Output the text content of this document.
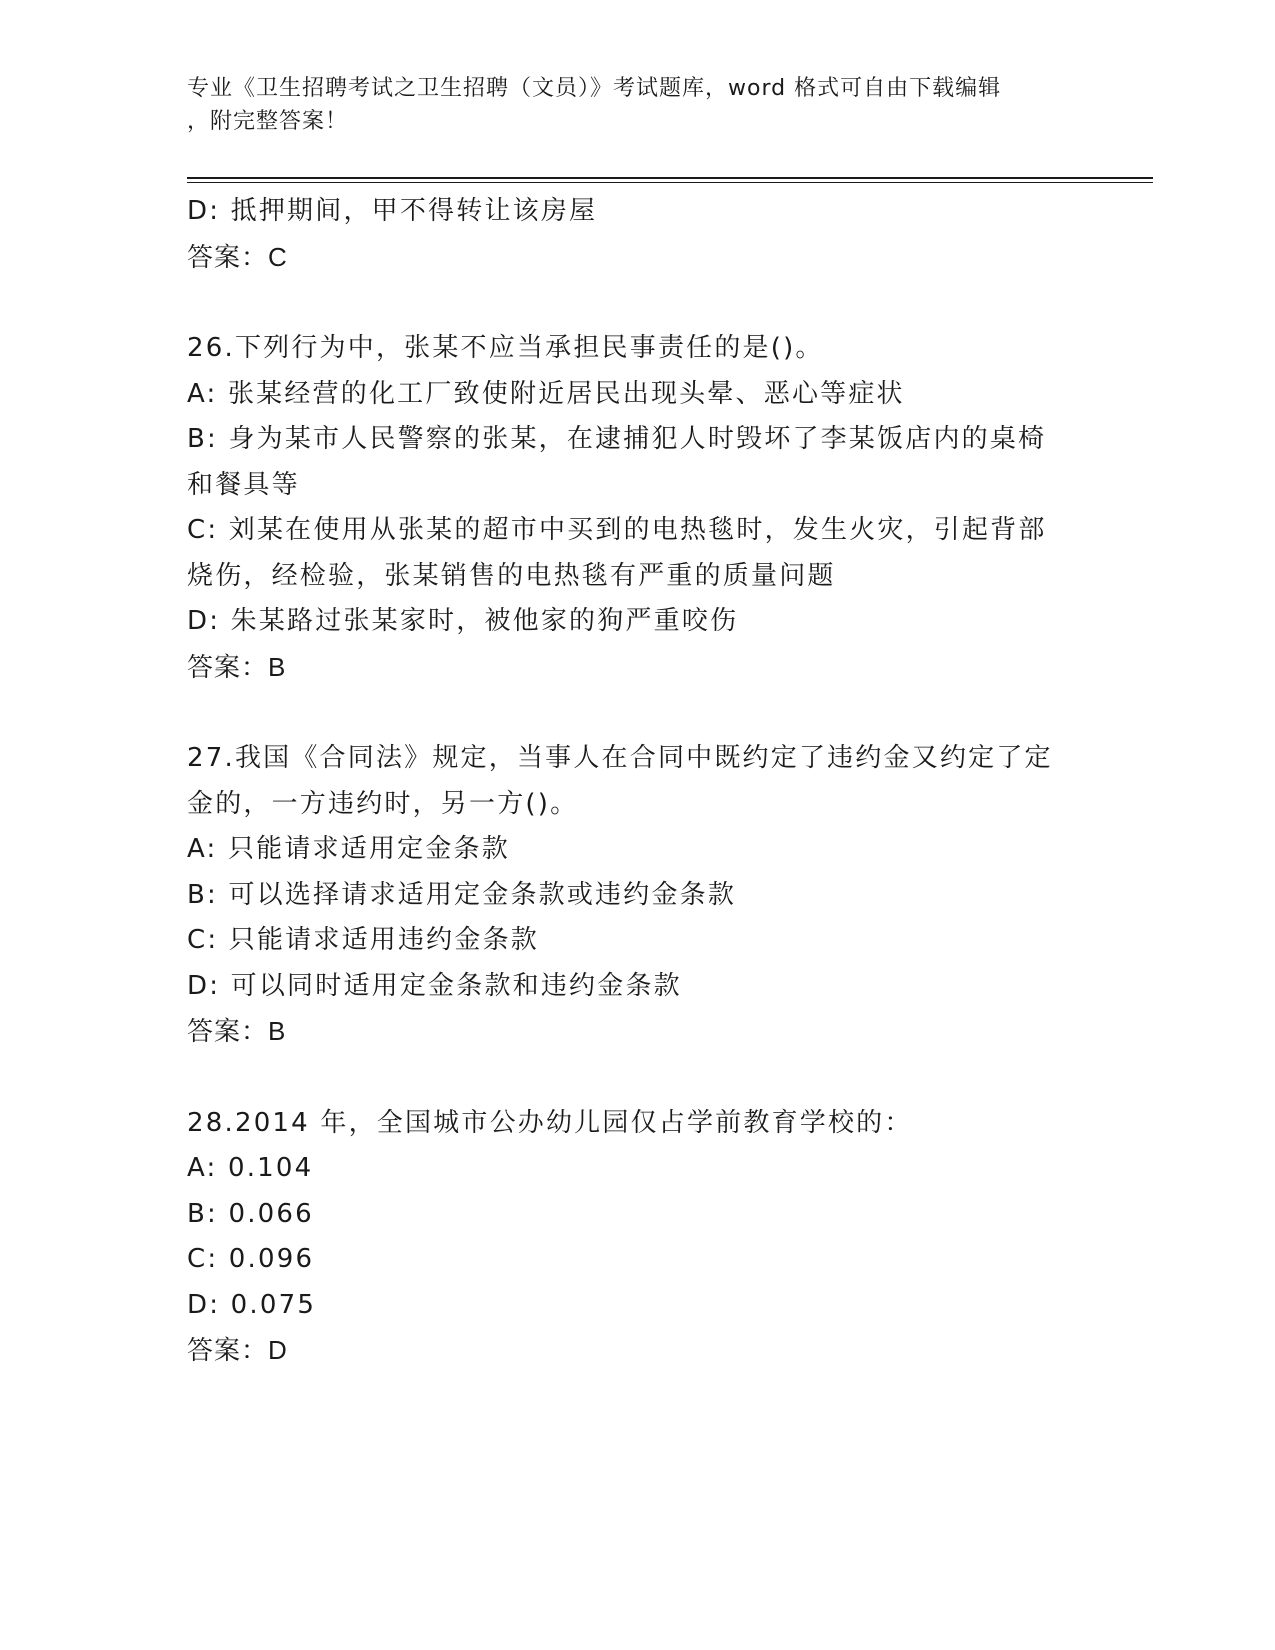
专业《卫生招聘考试之卫生招聘（文员）》考试题库，word 格式可自由下载编辑
，附完整答案！
D: 抵押期间，甲不得转让该房屋
答案：C
26.下列行为中，张某不应当承担民事责任的是()。
A: 张某经营的化工厂致使附近居民出现头晕、恶心等症状
B: 身为某市人民警察的张某，在逮捕犯人时毁坏了李某饭店内的桌椅
和餐具等
C: 刘某在使用从张某的超市中买到的电热毯时，发生火灾，引起背部
烧伤，经检验，张某销售的电热毯有严重的质量问题
D: 朱某路过张某家时，被他家的狗严重咬伤
答案：B
27.我国《合同法》规定，当事人在合同中既约定了违约金又约定了定
金的，一方违约时，另一方()。
A: 只能请求适用定金条款
B: 可以选择请求适用定金条款或违约金条款
C: 只能请求适用违约金条款
D: 可以同时适用定金条款和违约金条款
答案：B
28.2014 年，全国城市公办幼儿园仅占学前教育学校的：
A: 0.104
B: 0.066
C: 0.096
D: 0.075
答案：D
